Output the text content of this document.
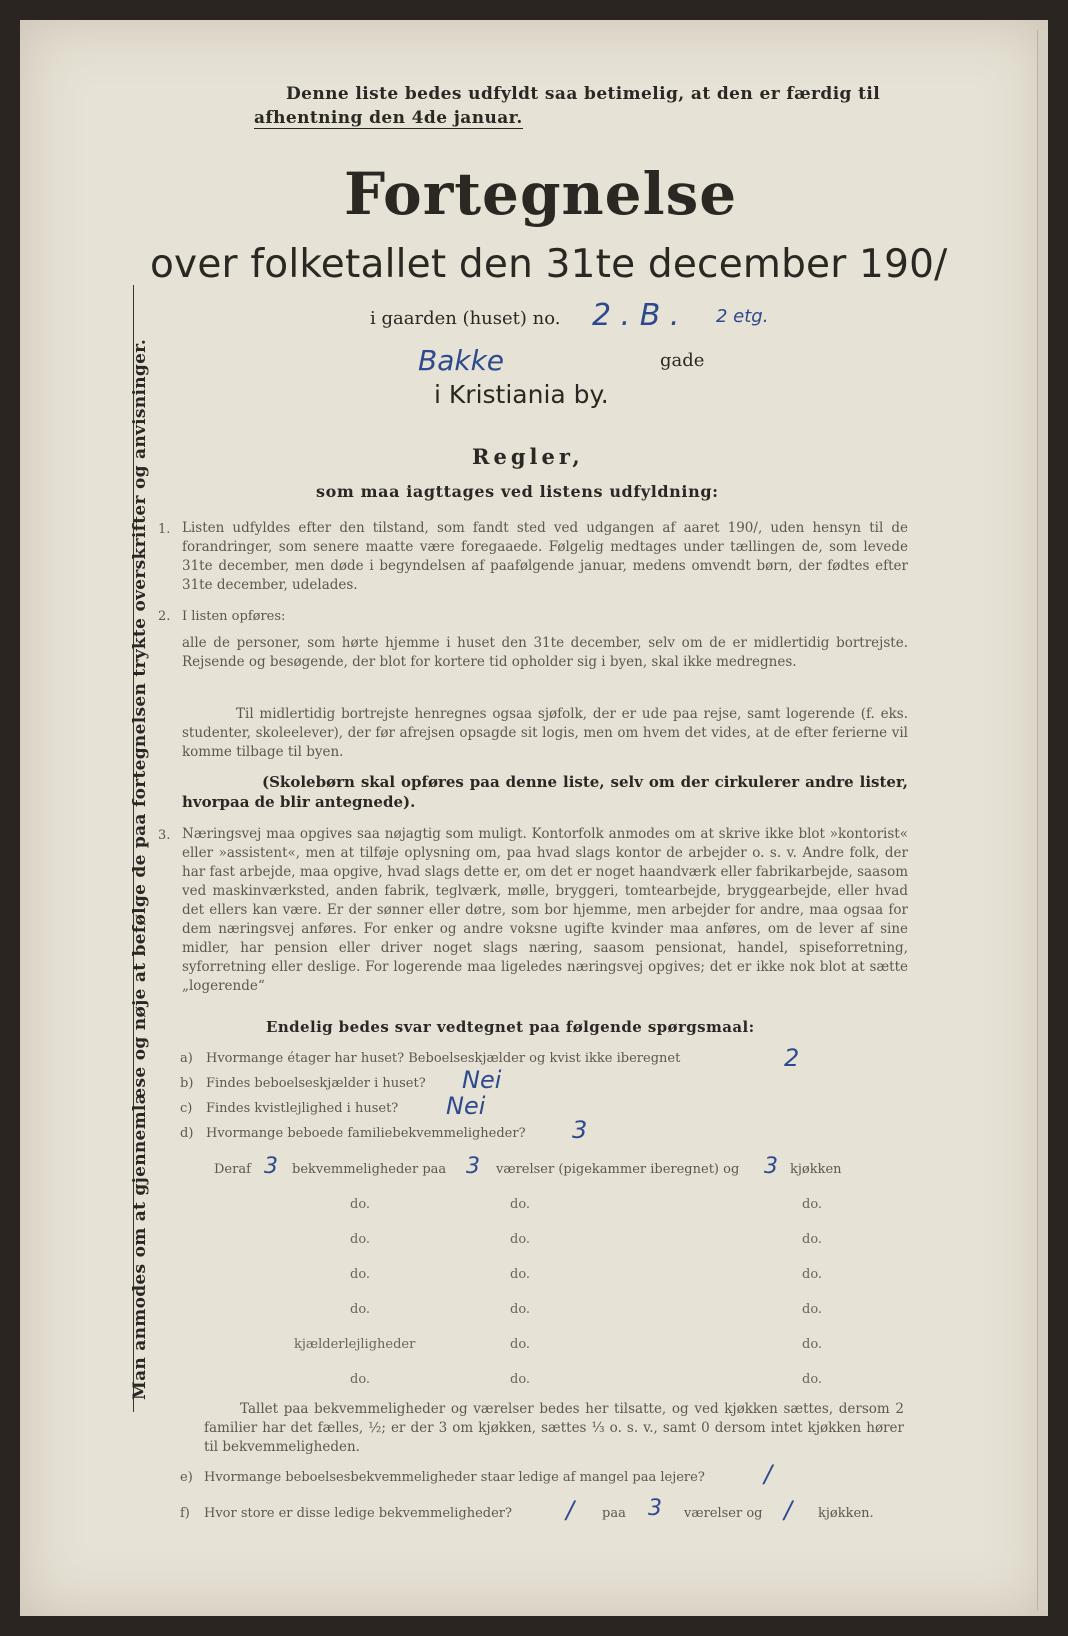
Denne liste bedes udfyldt saa betimelig, at den er færdig til
afhentning den 4de januar.
Fortegnelse
over folketallet den 31te december 190/
i gaarden (huset) no. 2 . B . 2 etg.
Bakke	gade
i Kristiania by.
Man anmodes om at gjennemlæse og nøje at befølge de paa fortegnelsen trykte overskrifter og anvisninger.	Regler,
som maa iagttages ved listens udfyldning:
1. Listen udfyldes efter den tilstand, som fandt sted ved udgangen af aaret 190/, uden hensyn til de forandringer, som senere maatte være foregaaede. Følgelig medtages under tællingen de, som levede 31te december, men døde i begyndelsen af paafølgende januar, medens omvendt børn, der fødtes efter 31te december, udelades.
2. I listen opføres:
alle de personer, som hørte hjemme i huset den 31te december, selv om de er midlertidig bortrejste. Rejsende og besøgende, der blot for kortere tid opholder sig i byen, skal ikke medregnes.
Til midlertidig bortrejste henregnes ogsaa sjøfolk, der er ude paa rejse, samt logerende (f. eks. studenter, skoleelever), der før afrejsen opsagde sit logis, men om hvem det vides, at de efter ferierne vil komme tilbage til byen.
(Skolebørn skal opføres paa denne liste, selv om der cirkulerer andre lister, hvorpaa de blir antegnede).
3. Næringsvej maa opgives saa nøjagtig som muligt. Kontorfolk anmodes om at skrive ikke blot »kontorist« eller »assistent«, men at tilføje oplysning om, paa hvad slags kontor de arbejder o. s. v. Andre folk, der har fast arbejde, maa opgive, hvad slags dette er, om det er noget haandværk eller fabrikarbejde, saasom ved maskinværksted, anden fabrik, teglværk, mølle, bryggeri, tomtearbejde, bryggearbejde, eller hvad det ellers kan være. Er der sønner eller døtre, som bor hjemme, men arbejder for andre, maa ogsaa for dem næringsvej anføres. For enker og andre voksne ugifte kvinder maa anføres, om de lever af sine midler, har pension eller driver noget slags næring, saasom pensionat, handel, spiseforretning, syforretning eller deslige. For logerende maa ligeledes næringsvej opgives; det er ikke nok blot at sætte „logerende“
Endelig bedes svar vedtegnet paa følgende spørgsmaal:
a) Hvormange étager har huset? Beboelseskjælder og kvist ikke iberegnet	2
b) Findes beboelseskjælder i huset? Nei
c) Findes kvistlejlighed i huset? Nei
d) Hvormange beboede familiebekvemmeligheder? 3
Deraf 3 bekvemmeligheder paa 3 værelser (pigekammer iberegnet) og 3 kjøkken
do.	do.	do.
do.	do.	do.
do.	do.	do.
do.	do.	do.
kjælderlejligheder	do.	do.
do.	do.	do.
Tallet paa bekvemmeligheder og værelser bedes her tilsatte, og ved kjøkken sættes, dersom 2 familier har det fælles, ½; er der 3 om kjøkken, sættes ⅓ o. s. v., samt 0 dersom intet kjøkken hører til bekvemmeligheden.
e) Hvormange beboelsesbekvemmeligheder staar ledige af mangel paa lejere? /
f) Hvor store er disse ledige bekvemmeligheder? / paa 3 værelser og / kjøkken.
